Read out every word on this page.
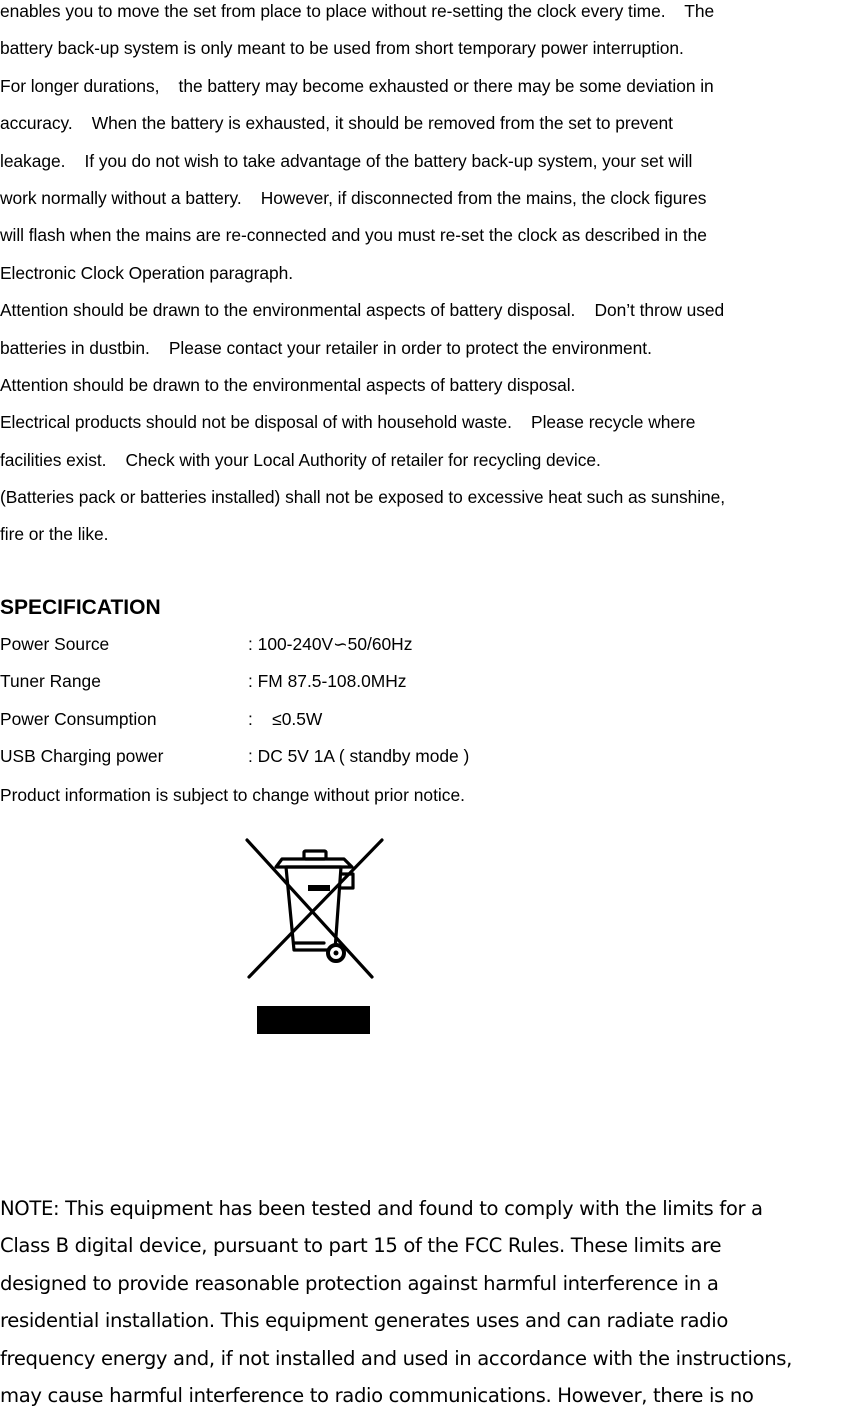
enables you to move the set from place to place without re-setting the clock every time.    The
battery back-up system is only meant to be used from short temporary power interruption.
For longer durations,    the battery may become exhausted or there may be some deviation in
accuracy.    When the battery is exhausted, it should be removed from the set to prevent
leakage.    If you do not wish to take advantage of the battery back-up system, your set will
work normally without a battery.    However, if disconnected from the mains, the clock figures
will flash when the mains are re-connected and you must re-set the clock as described in the
Electronic Clock Operation paragraph.
Attention should be drawn to the environmental aspects of battery disposal.    Don’t throw used
batteries in dustbin.    Please contact your retailer in order to protect the environment.
Attention should be drawn to the environmental aspects of battery disposal.
Electrical products should not be disposal of with household waste.    Please recycle where
facilities exist.    Check with your Local Authority of retailer for recycling device.
(Batteries pack or batteries installed) shall not be exposed to excessive heat such as sunshine,
fire or the like.
SPECIFICATION

Power Source

	: 100-240V∽50/60Hz

Tuner Range

	: FM 87.5-108.0MHz

Power Consumption

	:    ≤0.5W

USB Charging power

	: DC 5V 1A ( standby mode )

Product information is subject to change without prior notice.
NOTE: This equipment has been tested and found to comply with the limits for a
Class B digital device, pursuant to part 15 of the FCC Rules. These limits are
designed to provide reasonable protection against harmful interference in a
residential installation. This equipment generates uses and can radiate radio
frequency energy and, if not installed and used in accordance with the instructions,
may cause harmful interference to radio communications. However, there is no
